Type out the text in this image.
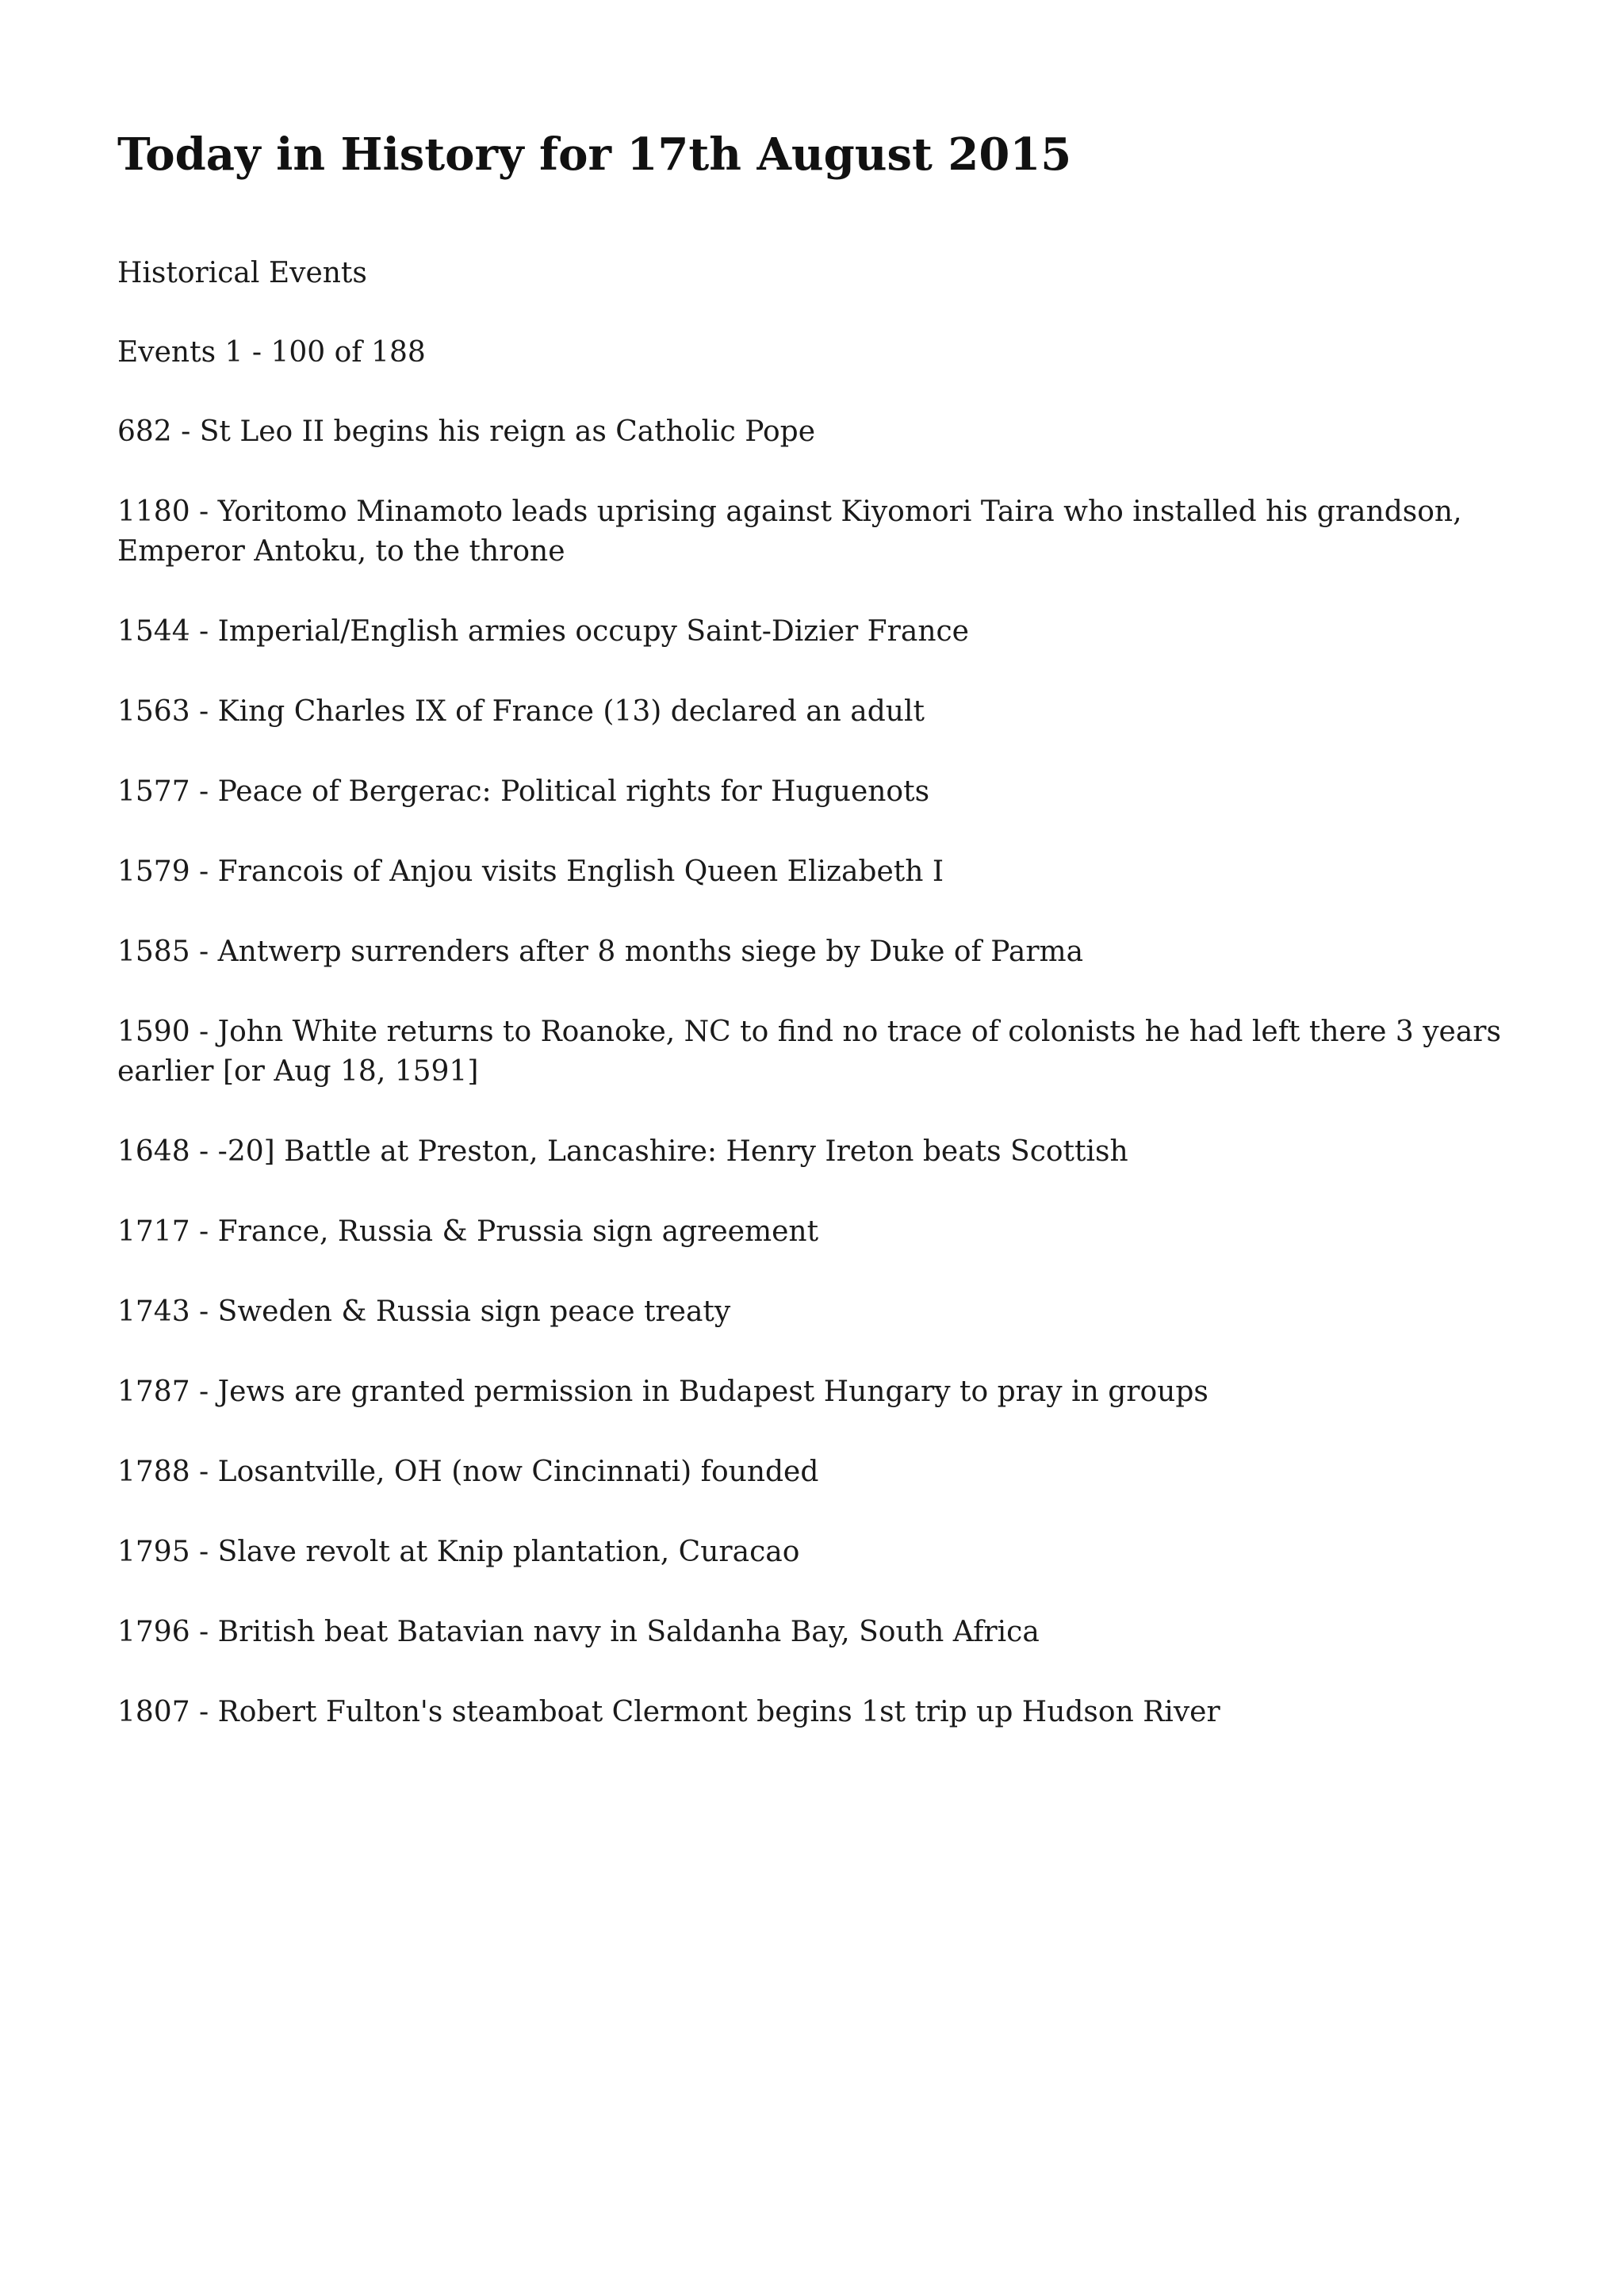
Today in History for 17th August 2015

Historical Events

Events 1 - 100 of 188

682 - St Leo II begins his reign as Catholic Pope
1180 - Yoritomo Minamoto leads uprising against Kiyomori Taira who installed his grandson, Emperor Antoku, to the throne
1544 - Imperial/English armies occupy Saint-Dizier France
1563 - King Charles IX of France (13) declared an adult
1577 - Peace of Bergerac: Political rights for Huguenots
1579 - Francois of Anjou visits English Queen Elizabeth I
1585 - Antwerp surrenders after 8 months siege by Duke of Parma
1590 - John White returns to Roanoke, NC to find no trace of colonists he had left there 3 years earlier [or Aug 18, 1591]
1648 - -20] Battle at Preston, Lancashire: Henry Ireton beats Scottish
1717 - France, Russia & Prussia sign agreement
1743 - Sweden & Russia sign peace treaty
1787 - Jews are granted permission in Budapest Hungary to pray in groups
1788 - Losantville, OH (now Cincinnati) founded
1795 - Slave revolt at Knip plantation, Curacao
1796 - British beat Batavian navy in Saldanha Bay, South Africa
1807 - Robert Fulton's steamboat Clermont begins 1st trip up Hudson River
